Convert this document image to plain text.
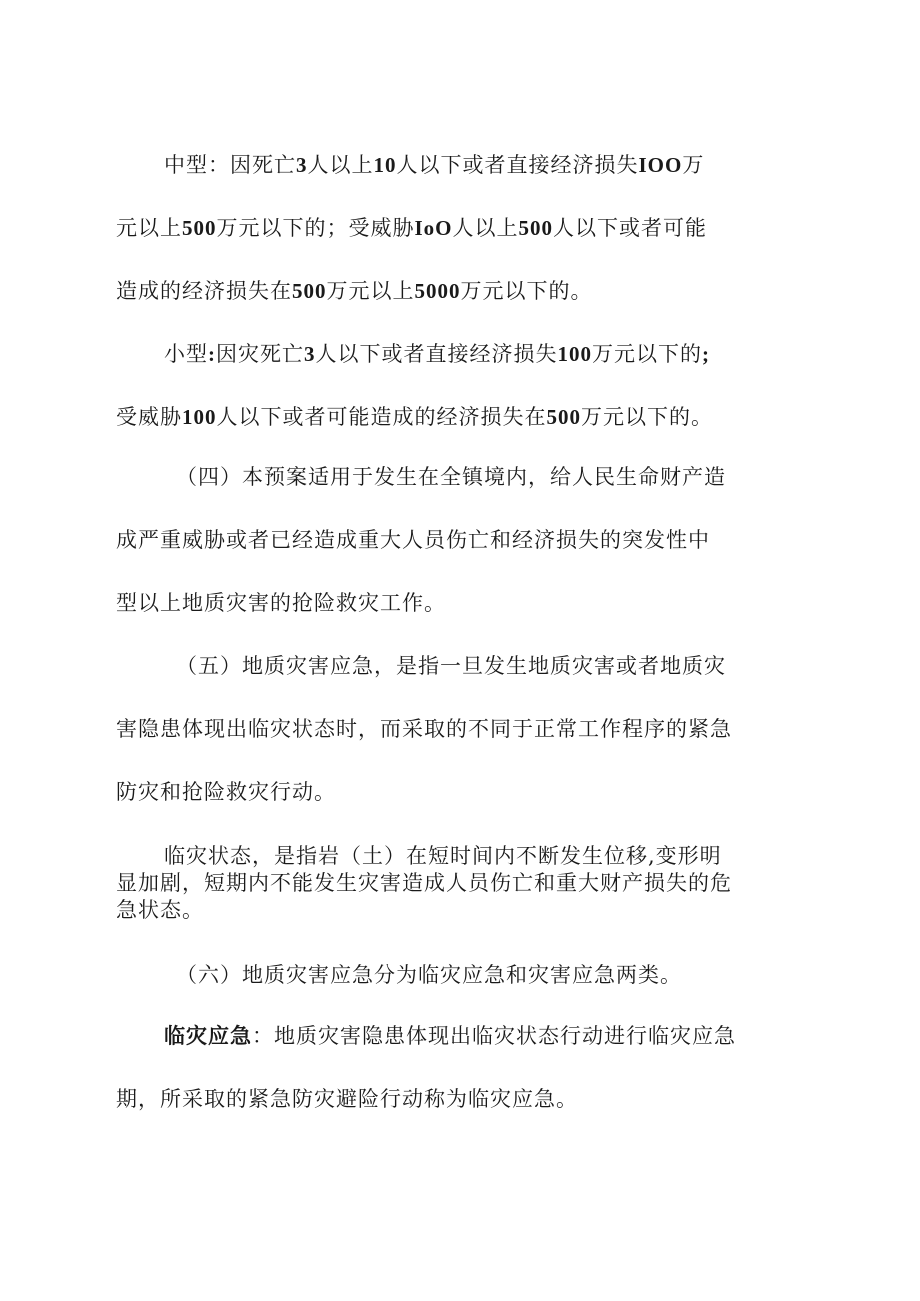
中型：因死亡3人以上10人以下或者直接经济损失IOO万
元以上500万元以下的；受威胁IoO人以上500人以下或者可能
造成的经济损失在500万元以上5000万元以下的。
小型:因灾死亡3人以下或者直接经济损失100万元以下的;
受威胁100人以下或者可能造成的经济损失在500万元以下的。
（四）本预案适用于发生在全镇境内，给人民生命财产造
成严重威胁或者已经造成重大人员伤亡和经济损失的突发性中
型以上地质灾害的抢险救灾工作。
（五）地质灾害应急，是指一旦发生地质灾害或者地质灾
害隐患体现出临灾状态时，而采取的不同于正常工作程序的紧急
防灾和抢险救灾行动。
临灾状态，是指岩（土）在短时间内不断发生位移,变形明
显加剧，短期内不能发生灾害造成人员伤亡和重大财产损失的危
急状态。
（六）地质灾害应急分为临灾应急和灾害应急两类。
临灾应急：地质灾害隐患体现出临灾状态行动进行临灾应急
期，所采取的紧急防灾避险行动称为临灾应急。
